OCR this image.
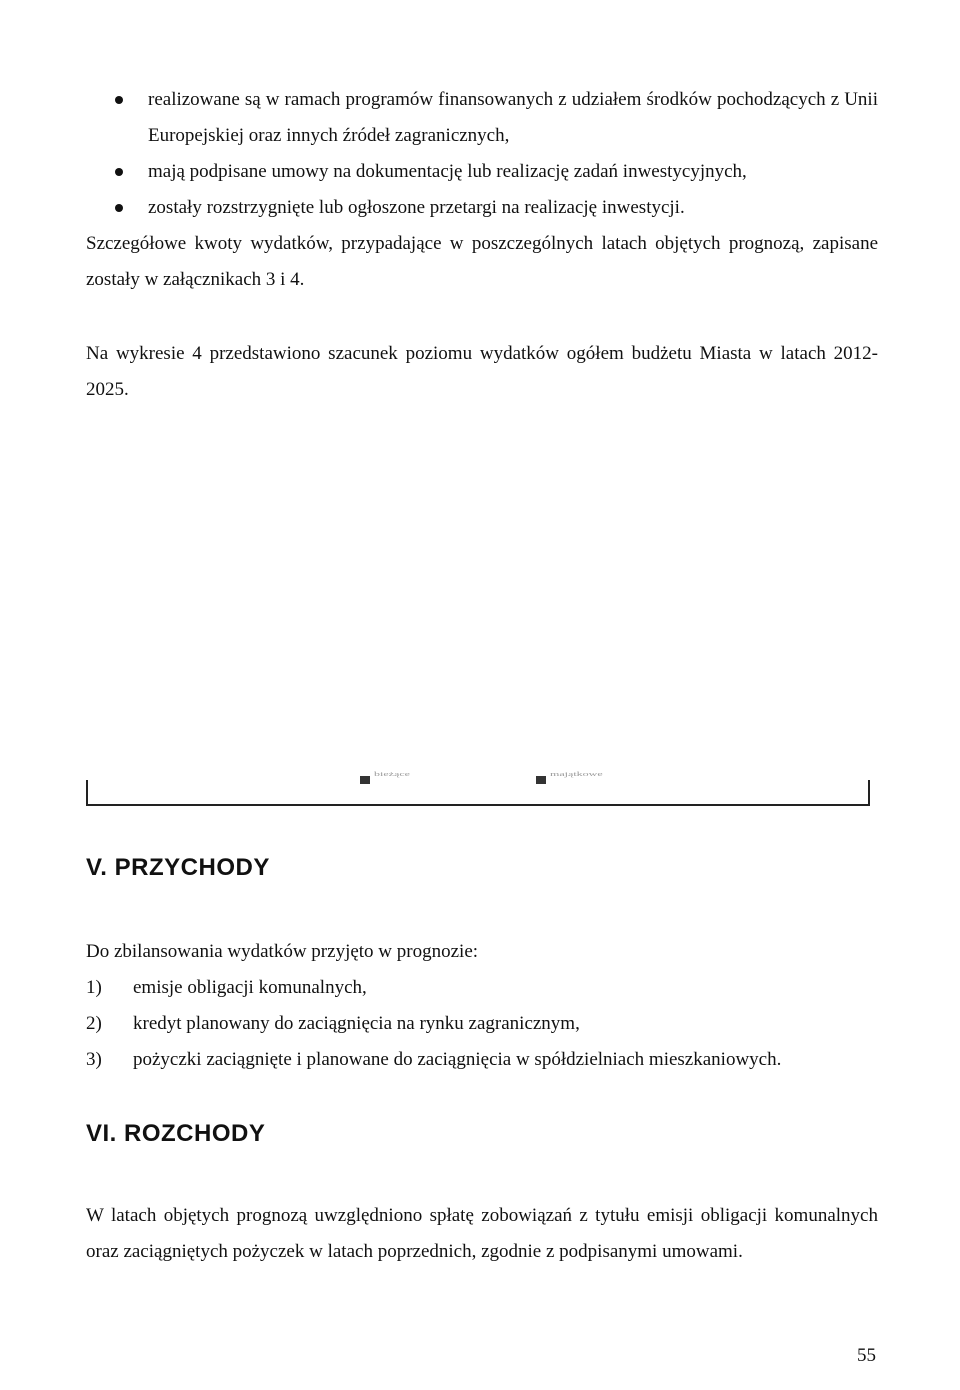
realizowane są w ramach programów finansowanych z udziałem środków pochodzących z Unii Europejskiej oraz innych źródeł zagranicznych,
mają podpisane umowy na dokumentację lub realizację zadań inwestycyjnych,
zostały rozstrzygnięte lub ogłoszone przetargi na realizację inwestycji.

Szczegółowe kwoty wydatków, przypadające w poszczególnych latach objętych prognozą, zapisane zostały w załącznikach 3 i 4.

Na wykresie 4 przedstawiono szacunek poziomu wydatków ogółem budżetu Miasta w latach 2012-2025.

bieżące	majątkowe
V. PRZYCHODY

Do zbilansowania wydatków przyjęto w prognozie:

1) emisje obligacji komunalnych,
2) kredyt planowany do zaciągnięcia na rynku zagranicznym,
3) pożyczki zaciągnięte i planowane do zaciągnięcia w spółdzielniach mieszkaniowych.
VI. ROZCHODY

W latach objętych prognozą uwzględniono spłatę zobowiązań z tytułu emisji obligacji komunalnych oraz zaciągniętych pożyczek w latach poprzednich, zgodnie z podpisanymi umowami.

55
